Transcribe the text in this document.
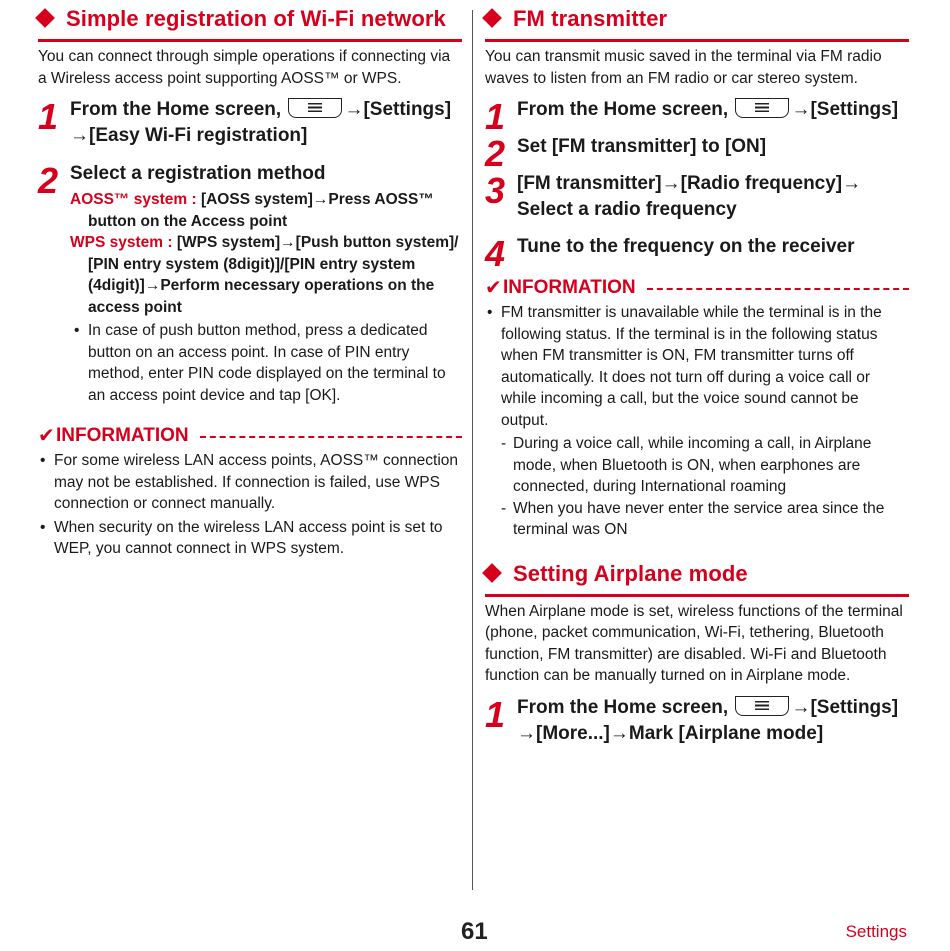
Simple registration of Wi-Fi network

You can connect through simple operations if connecting via a Wireless access point supporting AOSS™ or WPS.

1 From the Home screen,	→[Settings]
→[Easy Wi-Fi registration]
2 Select a registration method
AOSS™ system : [AOSS system]→Press AOSS™
button on the Access point
WPS system : [WPS system]→[Push button system]/
[PIN entry system (8digit)]/[PIN entry system (4digit)]→Perform necessary operations on the access point
• In case of push button method, press a dedicated button on an access point. In case of PIN entry method, enter PIN code displayed on the terminal to an access point device and tap [OK].
✔ INFORMATION
• For some wireless LAN access points, AOSS™ connection may not be established. If connection is failed, use WPS connection or connect manually.
• When security on the wireless LAN access point is set to WEP, you cannot connect in WPS system.
FM transmitter

You can transmit music saved in the terminal via FM radio waves to listen from an FM radio or car stereo system.

1 From the Home screen,	→[Settings]
2 Set [FM transmitter] to [ON]
3 [FM transmitter]→[Radio frequency]→ Select a radio frequency
4 Tune to the frequency on the receiver
✔ INFORMATION
• FM transmitter is unavailable while the terminal is in the following status. If the terminal is in the following status when FM transmitter is ON, FM transmitter turns off automatically. It does not turn off during a voice call or while incoming a call, but the voice sound cannot be output.
- During a voice call, while incoming a call, in Airplane mode, when Bluetooth is ON, when earphones are connected, during International roaming
- When you have never enter the service area since the terminal was ON
Setting Airplane mode

When Airplane mode is set, wireless functions of the terminal (phone, packet communication, Wi-Fi, tethering, Bluetooth function, FM transmitter) are disabled. Wi-Fi and Bluetooth function can be manually turned on in Airplane mode.

1 From the Home screen,	→[Settings]
→[More...]→Mark [Airplane mode]
61	Settings
